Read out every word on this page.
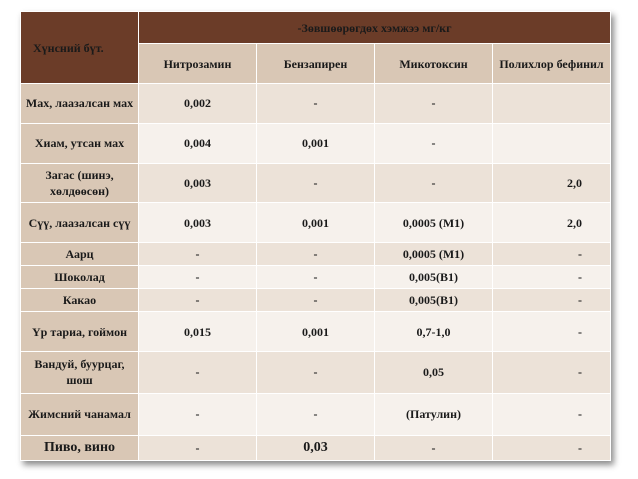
Хүнсний бүт.	-Зөвшөөрөгдөх хэмжээ мг/кг			
	Нитрозамин	Бензапирен	Микотоксин	Полихлор бефинил
Мах, лаазалсан мах	0,002	-	-	
Хиам, утсан мах	0,004	0,001	-	
Загас (шинэ, хөлдөөсөн)	0,003	-	-	2,0
Сүү, лаазалсан сүү	0,003	0,001	0,0005 (М1)	2,0
Аарц	-	-	0,0005 (М1)	-
Шоколад	-	-	0,005(В1)	-
Какао	-	-	0,005(В1)	-
Үр тариа, гоймон	0,015	0,001	0,7-1,0	-
Вандуй, буурцаг, шош	-	-	0,05	-
Жимсний чанамал	-	-	(Патулин)	-
Пиво, вино	-	0,03	-	-
